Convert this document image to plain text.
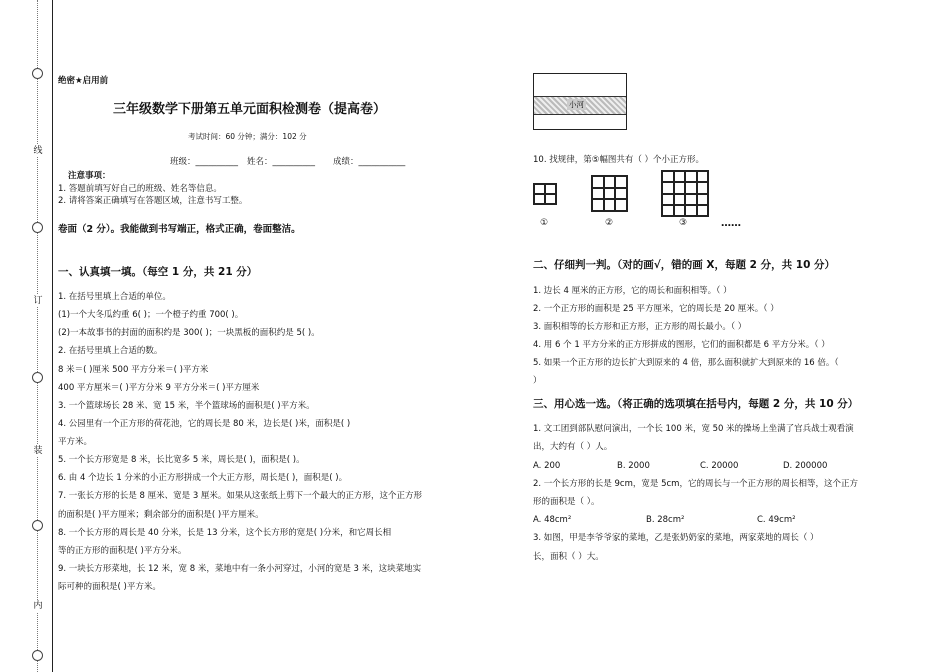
线
订
装
内
绝密★启用前
三年级数学下册第五单元面积检测卷（提高卷）
考试时间：60 分钟；满分：102 分
班级：__________ 姓名：__________ 成绩：___________
注意事项：
1. 答题前填写好自己的班级、姓名等信息。
2. 请将答案正确填写在答题区域，注意书写工整。
卷面（2 分）。我能做到书写端正，格式正确，卷面整洁。
一、认真填一填。（每空 1 分，共 21 分）
1. 在括号里填上合适的单位。
(1)一个大冬瓜约重 6( )；一个橙子约重 700( )。
(2)一本故事书的封面的面积约是 300( )；一块黑板的面积约是 5( )。
2. 在括号里填上合适的数。
8 米＝( )厘米 500 平方分米＝( )平方米
400 平方厘米＝( )平方分米 9 平方分米＝( )平方厘米
3. 一个篮球场长 28 米、宽 15 米，半个篮球场的面积是( )平方米。
4. 公园里有一个正方形的荷花池，它的周长是 80 米，边长是( )米，面积是( )
平方米。
5. 一个长方形宽是 8 米，长比宽多 5 米，周长是( )，面积是( )。
6. 由 4 个边长 1 分米的小正方形拼成一个大正方形，周长是( )，面积是( )。
7. 一张长方形的长是 8 厘米、宽是 3 厘米。如果从这张纸上剪下一个最大的正方形，这个正方形
的面积是( )平方厘米；剩余部分的面积是( )平方厘米。
8. 一个长方形的周长是 40 分米，长是 13 分米，这个长方形的宽是( )分米，和它周长相
等的正方形的面积是( )平方分米。
9. 一块长方形菜地，长 12 米，宽 8 米，菜地中有一条小河穿过，小河的宽是 3 米，这块菜地实
际可种的面积是( )平方米。
小河
10. 找规律，第⑤幅图共有（ ）个小正方形。
①	②	③	……
二、仔细判一判。（对的画√，错的画 X，每题 2 分，共 10 分）
1. 边长 4 厘米的正方形，它的周长和面积相等。（ ）
2. 一个正方形的面积是 25 平方厘米，它的周长是 20 厘米。（ ）
3. 面积相等的长方形和正方形，正方形的周长最小。（ ）
4. 用 6 个 1 平方分米的正方形拼成的图形，它们的面积都是 6 平方分米。（ ）
5. 如果一个正方形的边长扩大到原来的 4 倍，那么面积就扩大到原来的 16 倍。（
）
三、用心选一选。（将正确的选项填在括号内，每题 2 分，共 10 分）
1. 文工团到部队慰问演出，一个长 100 米，宽 50 米的操场上坐满了官兵战士观看演
出，大约有（ ）人。
A. 200	B. 2000	C. 20000	D. 200000
2. 一个长方形的长是 9cm，宽是 5cm，它的周长与一个正方形的周长相等，这个正方
形的面积是（ ）。
A. 48cm²	B. 28cm²	C. 49cm²
3. 如图，甲是李爷爷家的菜地，乙是张奶奶家的菜地，两家菜地的周长（ ）
长，面积（ ）大。
